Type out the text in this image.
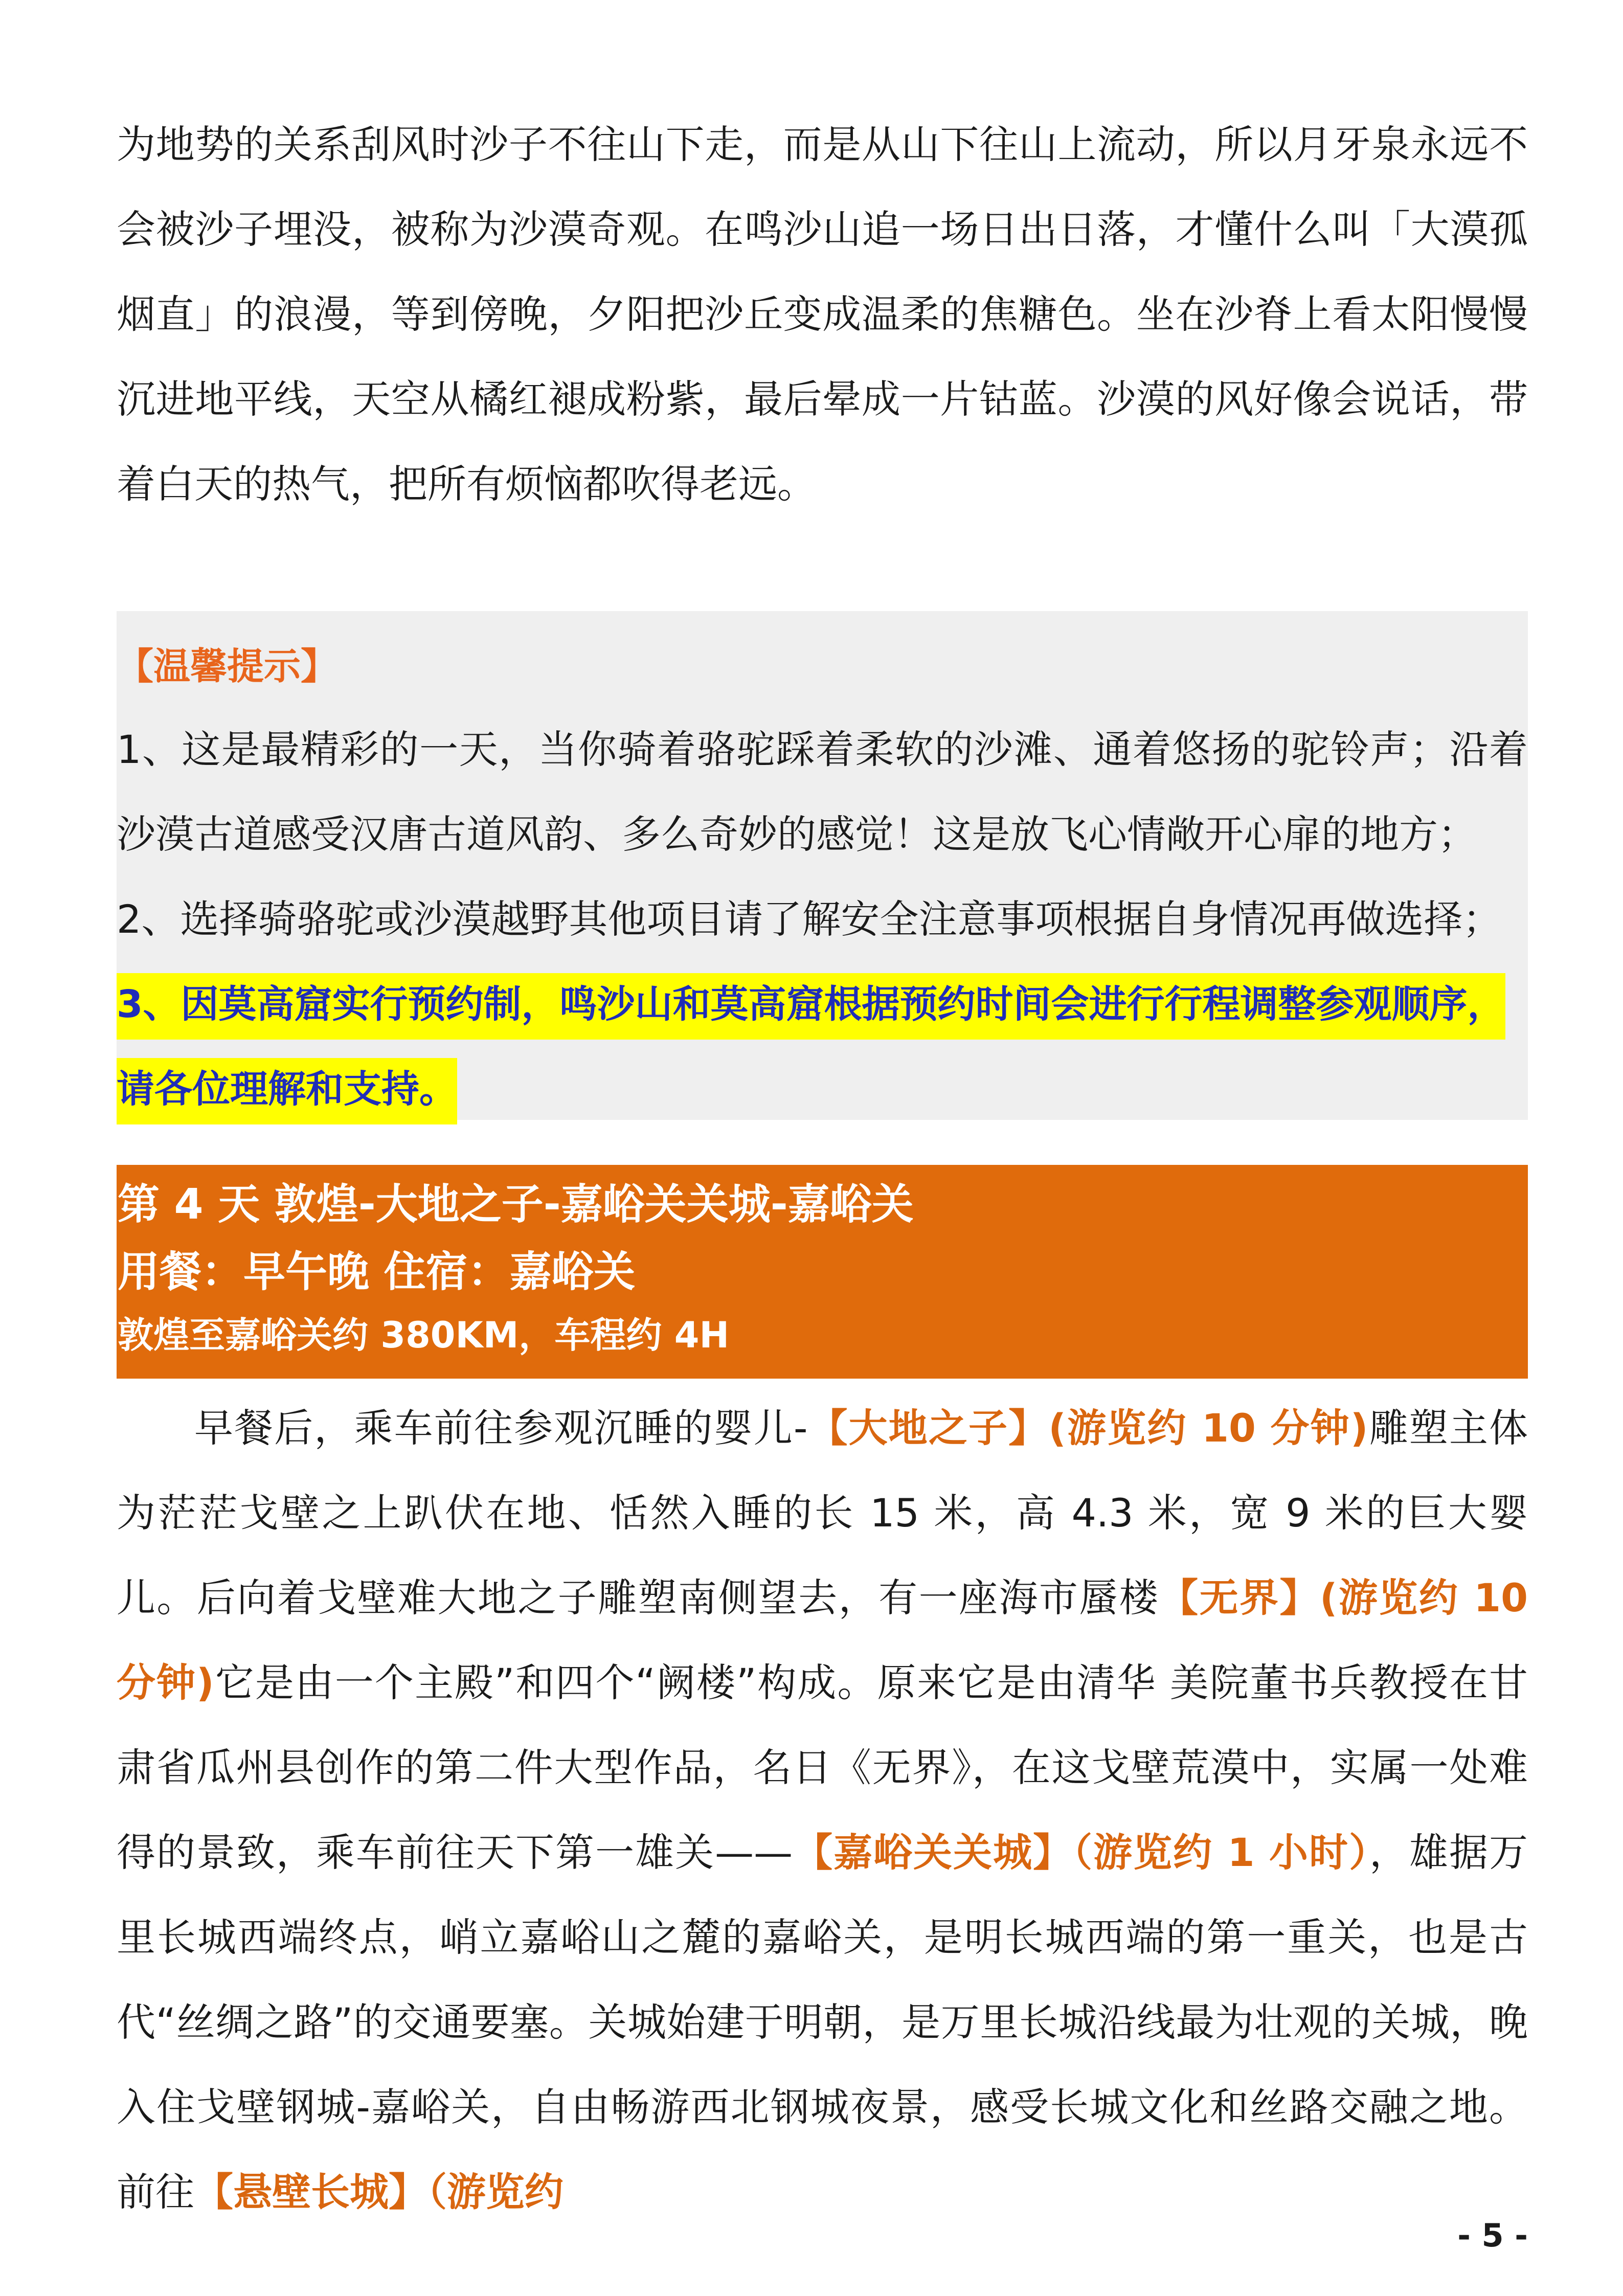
为地势的关系刮风时沙子不往山下走，而是从山下往山上流动，所以月牙泉永远不会被沙子埋没，被称为沙漠奇观。在鸣沙山追一场日出日落，才懂什么叫「大漠孤烟直」的浪漫，等到傍晚，夕阳把沙丘变成温柔的焦糖色。坐在沙脊上看太阳慢慢沉进地平线，天空从橘红褪成粉紫，最后晕成一片钴蓝。沙漠的风好像会说话，带着白天的热气，把所有烦恼都吹得老远。

【温馨提示】

1、这是最精彩的一天，当你骑着骆驼踩着柔软的沙滩、通着悠扬的驼铃声；沿着沙漠古道感受汉唐古道风韵、多么奇妙的感觉！这是放飞心情敞开心扉的地方；

2、选择骑骆驼或沙漠越野其他项目请了解安全注意事项根据自身情况再做选择；

3、因莫高窟实行预约制，鸣沙山和莫高窟根据预约时间会进行行程调整参观顺序，请各位理解和支持。

第 4 天 敦煌-大地之子-嘉峪关关城-嘉峪关
用餐：早午晚 住宿：嘉峪关
敦煌至嘉峪关约 380KM，车程约 4H

早餐后，乘车前往参观沉睡的婴儿-【大地之子】(游览约 10 分钟)雕塑主体为茫茫戈壁之上趴伏在地、恬然入睡的长 15 米，高 4.3 米，宽 9 米的巨大婴儿。后向着戈壁难大地之子雕塑南侧望去，有一座海市蜃楼【无界】(游览约 10 分钟)它是由一个主殿”和四个“阙楼”构成。原来它是由清华 美院董书兵教授在甘肃省瓜州县创作的第二件大型作品，名日《无界》，在这戈壁荒漠中，实属一处难得的景致，乘车前往天下第一雄关——【嘉峪关关城】（游览约 1 小时），雄据万里长城西端终点，峭立嘉峪山之麓的嘉峪关，是明长城西端的第一重关，也是古代“丝绸之路”的交通要塞。关城始建于明朝，是万里长城沿线最为壮观的关城，晚入住戈壁钢城-嘉峪关，自由畅游西北钢城夜景，感受长城文化和丝路交融之地。前往【悬壁长城】（游览约

- 5 -
